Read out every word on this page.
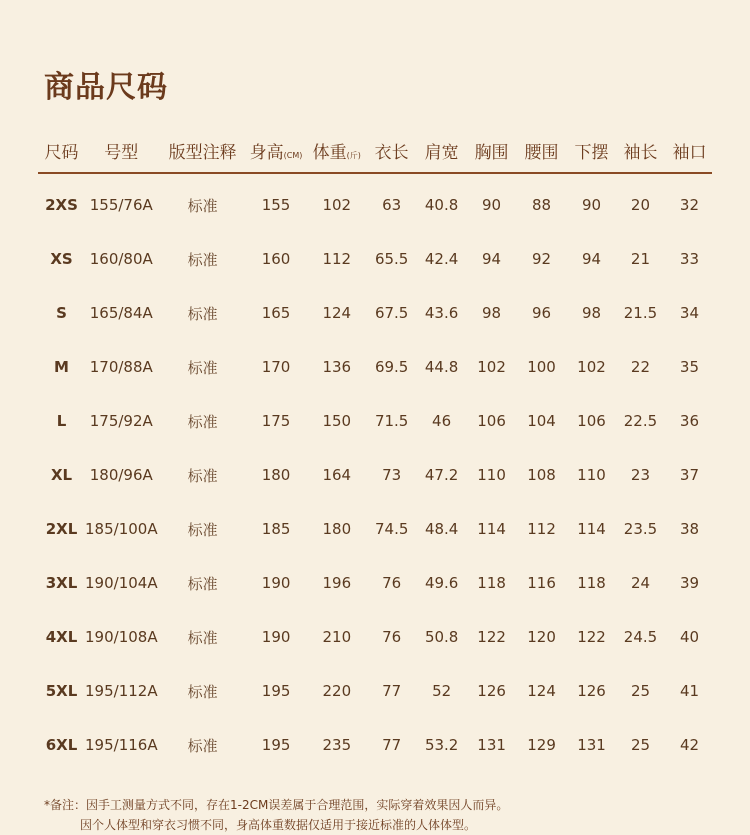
商品尺码
尺码	号型	版型注释 身高(CM) 体重(斤) 衣长 肩宽 胸围 腰围 下摆 袖长 袖口
2XS 155/76A	标准	155	102	63	40.8	90	88	90	20	32
XS	160/80A	标准	160	112	65.5	42.4	94	92	94	21	33
S	165/84A	标准	165	124	67.5	43.6	98	96	98	21.5	34
M	170/88A	标准	170	136	69.5	44.8	102	100	102	22	35
L	175/92A	标准	175	150	71.5	46	106	104	106	22.5	36
XL	180/96A	标准	180	164	73	47.2	110	108	110	23	37
2XL 185/100A	标准	185	180	74.5	48.4	114	112	114	23.5	38
3XL 190/104A	标准	190	196	76	49.6	118	116	118	24	39
4XL 190/108A	标准	190	210	76	50.8	122	120	122	24.5	40
5XL 195/112A	标准	195	220	77	52	126	124	126	25	41
6XL 195/116A	标准	195	235	77	53.2	131	129	131	25	42
*备注：因手工测量方式不同，存在1-2CM误差属于合理范围，实际穿着效果因人而异。
因个人体型和穿衣习惯不同，身高体重数据仅适用于接近标准的人体体型。
